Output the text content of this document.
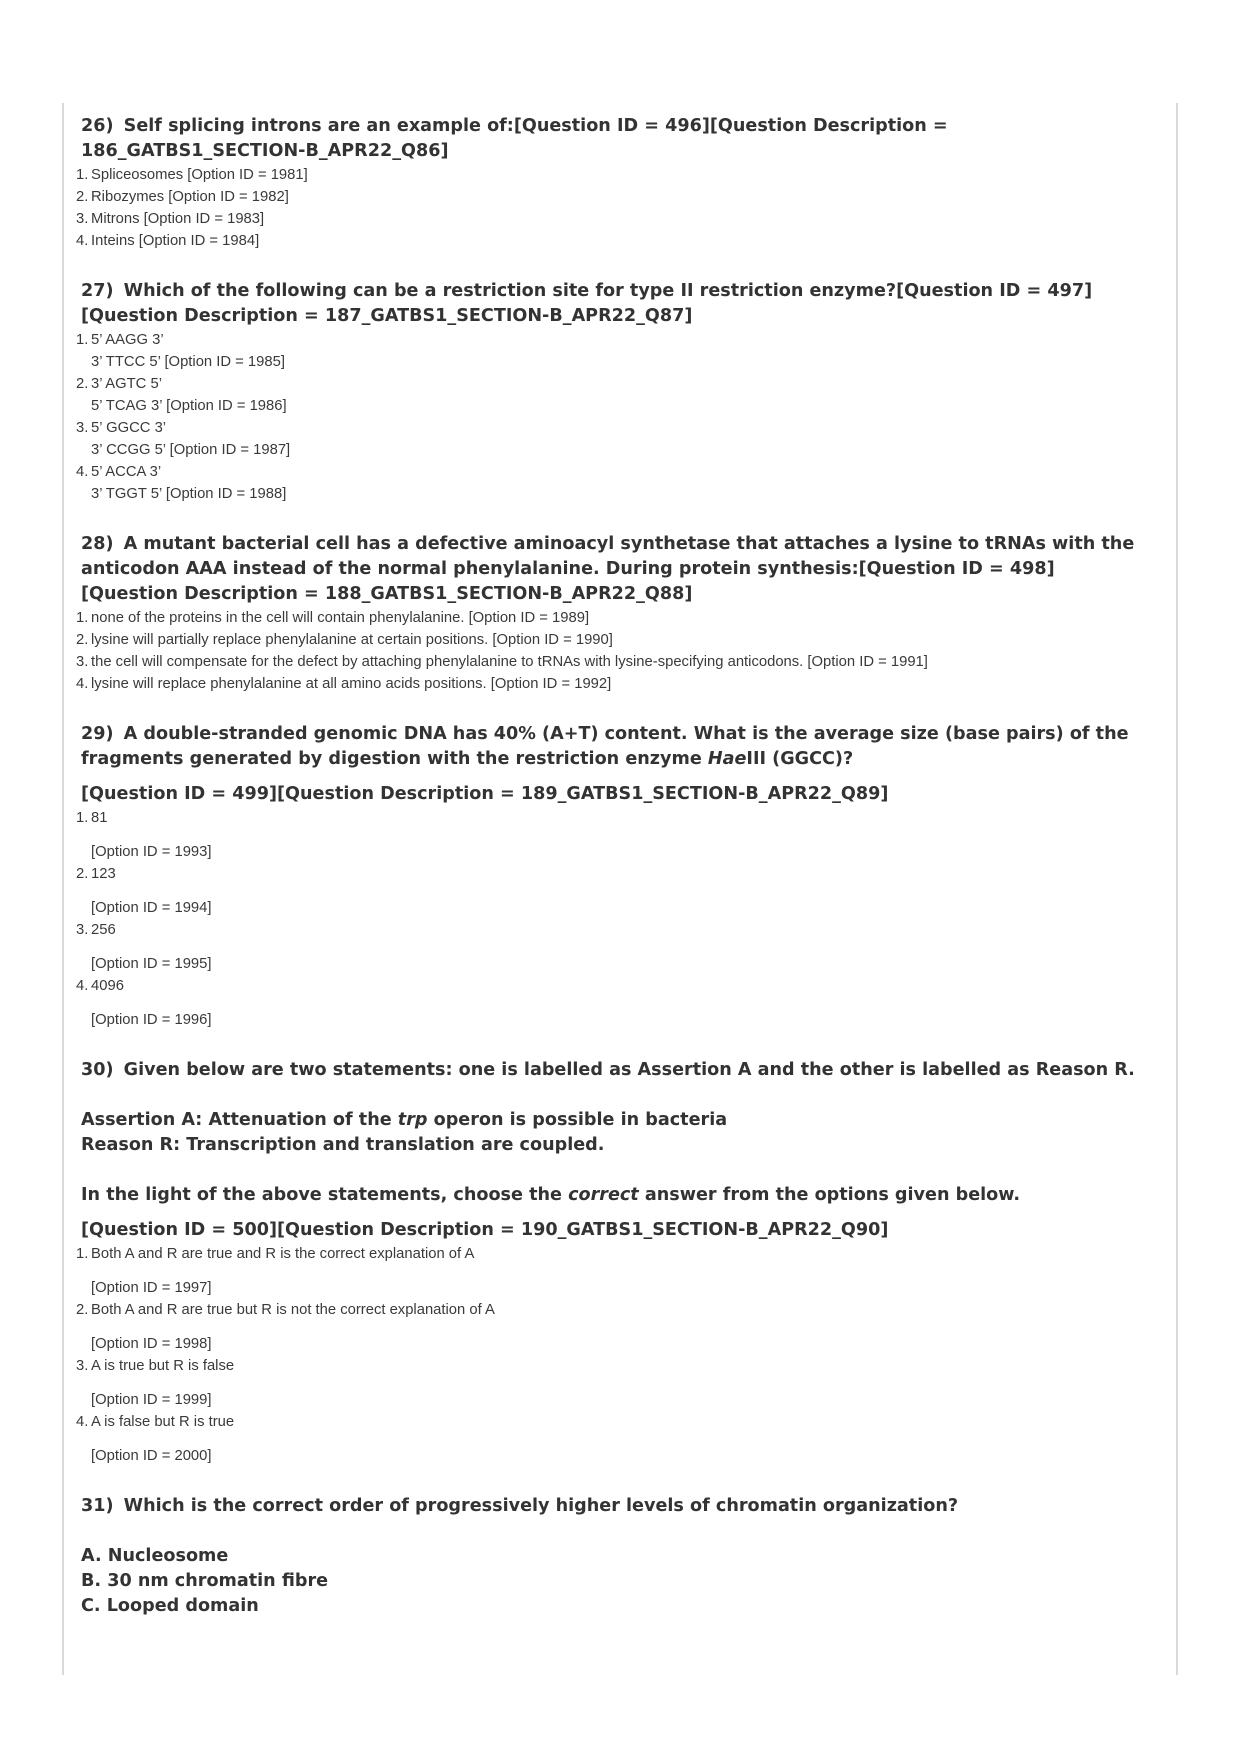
26) Self splicing introns are an example of:[Question ID = 496][Question Description = 186_GATBS1_SECTION-B_APR22_Q86]

1. Spliceosomes [Option ID = 1981]
2. Ribozymes [Option ID = 1982]
3. Mitrons [Option ID = 1983]
4. Inteins [Option ID = 1984]

27) Which of the following can be a restriction site for type II restriction enzyme?[Question ID = 497][Question Description = 187_GATBS1_SECTION-B_APR22_Q87]

1. 5’ AAGG 3’
3’ TTCC 5’ [Option ID = 1985]
2. 3’ AGTC 5’
5’ TCAG 3’ [Option ID = 1986]
3. 5’ GGCC 3’
3’ CCGG 5’ [Option ID = 1987]
4. 5’ ACCA 3’
3’ TGGT 5’ [Option ID = 1988]

28) A mutant bacterial cell has a defective aminoacyl synthetase that attaches a lysine to tRNAs with the anticodon AAA instead of the normal phenylalanine. During protein synthesis:[Question ID = 498][Question Description = 188_GATBS1_SECTION-B_APR22_Q88]

1. none of the proteins in the cell will contain phenylalanine. [Option ID = 1989]
2. lysine will partially replace phenylalanine at certain positions. [Option ID = 1990]
3. the cell will compensate for the defect by attaching phenylalanine to tRNAs with lysine-specifying anticodons. [Option ID = 1991]
4. lysine will replace phenylalanine at all amino acids positions. [Option ID = 1992]

29) A double-stranded genomic DNA has 40% (A+T) content. What is the average size (base pairs) of the fragments generated by digestion with the restriction enzyme HaeIII (GGCC)?

[Question ID = 499][Question Description = 189_GATBS1_SECTION-B_APR22_Q89]

1. 81
[Option ID = 1993]
2. 123
[Option ID = 1994]
3. 256
[Option ID = 1995]
4. 4096
[Option ID = 1996]

30) Given below are two statements: one is labelled as Assertion A and the other is labelled as Reason R.

Assertion A: Attenuation of the trp operon is possible in bacteria

Reason R: Transcription and translation are coupled.

In the light of the above statements, choose the correct answer from the options given below.

[Question ID = 500][Question Description = 190_GATBS1_SECTION-B_APR22_Q90]

1. Both A and R are true and R is the correct explanation of A
[Option ID = 1997]
2. Both A and R are true but R is not the correct explanation of A
[Option ID = 1998]
3. A is true but R is false
[Option ID = 1999]
4. A is false but R is true
[Option ID = 2000]

31) Which is the correct order of progressively higher levels of chromatin organization?

A. Nucleosome

B. 30 nm chromatin fibre

C. Looped domain
